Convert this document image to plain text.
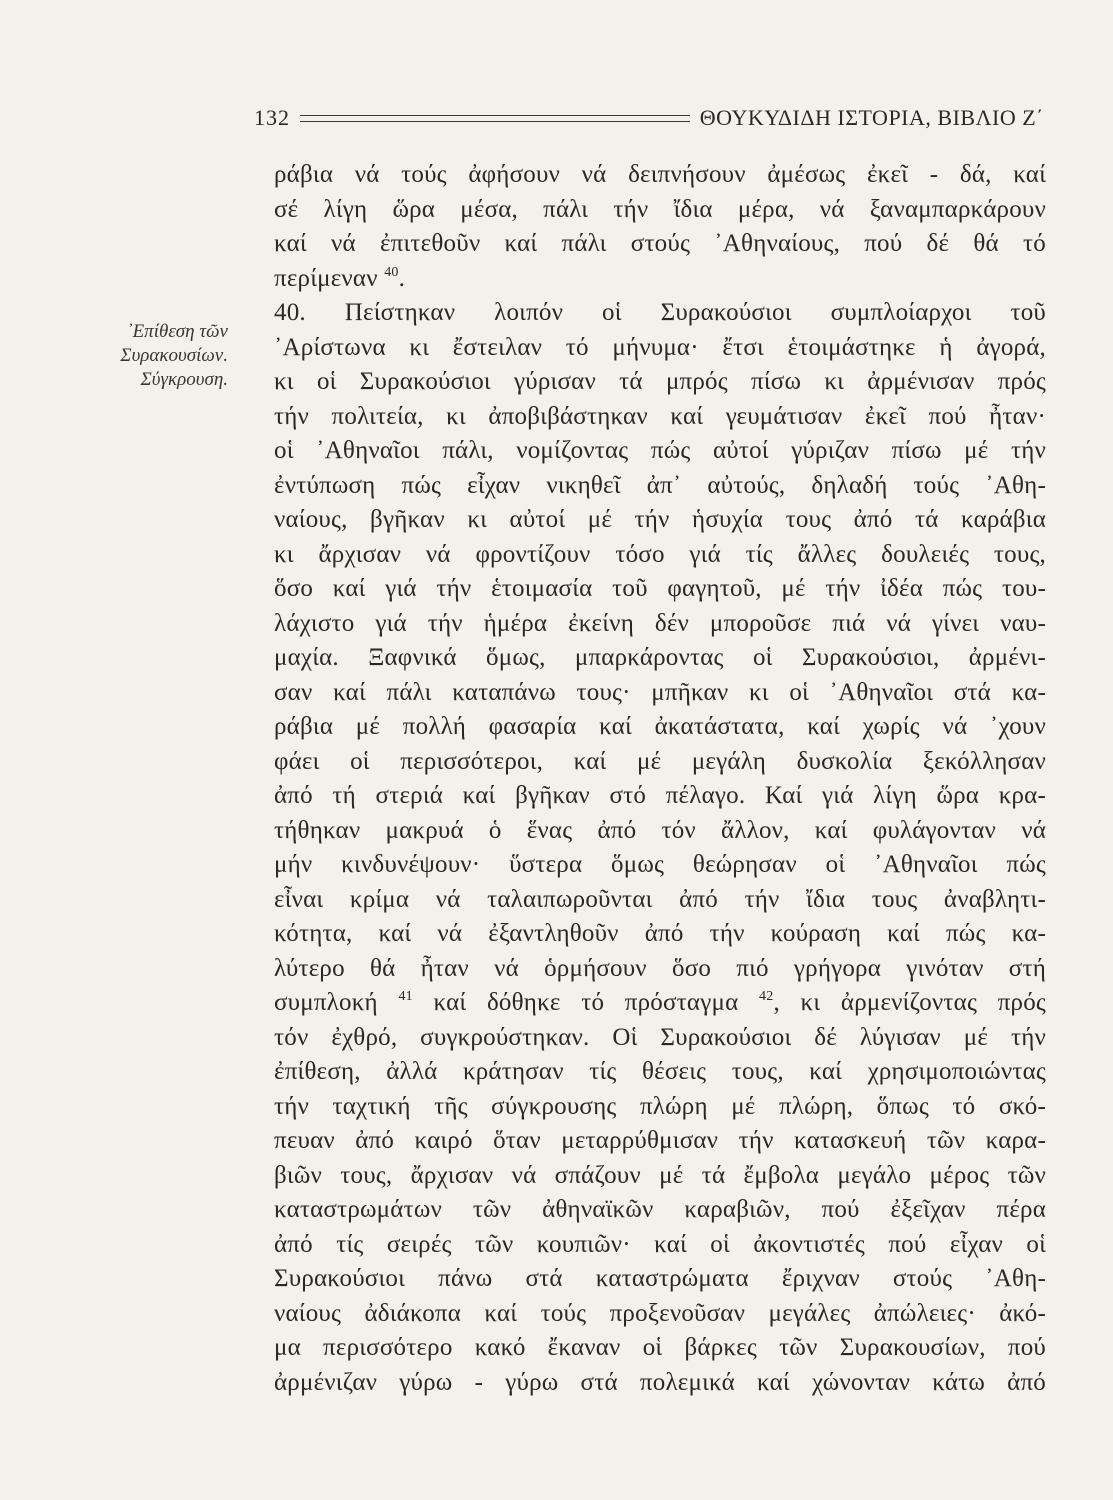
132	ΘΟΥΚΥΔΙΔΗ ΙΣΤΟΡΙΑ, ΒΙΒΛΙΟ Ζ΄
᾽Επίθεση τῶν
Συρακουσίων.
Σύγκρουση.
ράβια νά τούς ἀφήσουν νά δειπνήσουν ἀμέσως ἐκεῖ - δά, καί
σέ λίγη ὥρα μέσα, πάλι τήν ἴδια μέρα, νά ξαναμπαρκάρουν
καί νά ἐπιτεθοῦν καί πάλι στούς ᾽Αθηναίους, πού δέ θά τό
περίμεναν $^{40}$.
40. Πείστηκαν λοιπόν οἱ Συρακούσιοι συμπλοίαρχοι τοῦ
᾽Αρίστωνα κι ἔστειλαν τό μήνυμα· ἔτσι ἑτοιμάστηκε ἡ ἀγορά,
κι οἱ Συρακούσιοι γύρισαν τά μπρός πίσω κι ἀρμένισαν πρός
τήν πολιτεία, κι ἀποβιβάστηκαν καί γευμάτισαν ἐκεῖ πού ἦταν·
οἱ ᾽Αθηναῖοι πάλι, νομίζοντας πώς αὐτοί γύριζαν πίσω μέ τήν
ἐντύπωση πώς εἶχαν νικηθεῖ ἀπ᾽ αὐτούς, δηλαδή τούς ᾽Αθη-
ναίους, βγῆκαν κι αὐτοί μέ τήν ἡσυχία τους ἀπό τά καράβια
κι ἄρχισαν νά φροντίζουν τόσο γιά τίς ἄλλες δουλειές τους,
ὅσο καί γιά τήν ἑτοιμασία τοῦ φαγητοῦ, μέ τήν ἰδέα πώς του-
λάχιστο γιά τήν ἡμέρα ἐκείνη δέν μποροῦσε πιά νά γίνει ναυ-
μαχία. Ξαφνικά ὅμως, μπαρκάροντας οἱ Συρακούσιοι, ἀρμένι-
σαν καί πάλι καταπάνω τους· μπῆκαν κι οἱ ᾽Αθηναῖοι στά κα-
ράβια μέ πολλή φασαρία καί ἀκατάστατα, καί χωρίς νά ᾽χουν
φάει οἱ περισσότεροι, καί μέ μεγάλη δυσκολία ξεκόλλησαν
ἀπό τή στεριά καί βγῆκαν στό πέλαγο. Καί γιά λίγη ὥρα κρα-
τήθηκαν μακρυά ὁ ἕνας ἀπό τόν ἄλλον, καί φυλάγονταν νά
μήν κινδυνέψουν· ὕστερα ὅμως θεώρησαν οἱ ᾽Αθηναῖοι πώς
εἶναι κρίμα νά ταλαιπωροῦνται ἀπό τήν ἴδια τους ἀναβλητι-
κότητα, καί νά ἐξαντληθοῦν ἀπό τήν κούραση καί πώς κα-
λύτερο θά ἦταν νά ὁρμήσουν ὅσο πιό γρήγορα γινόταν στή
συμπλοκή $^{41}$ καί δόθηκε τό πρόσταγμα $^{42}$, κι ἀρμενίζοντας πρός
τόν ἐχθρό, συγκρούστηκαν. Οἱ Συρακούσιοι δέ λύγισαν μέ τήν
ἐπίθεση, ἀλλά κράτησαν τίς θέσεις τους, καί χρησιμοποιώντας
τήν ταχτική τῆς σύγκρουσης πλώρη μέ πλώρη, ὅπως τό σκό-
πευαν ἀπό καιρό ὅταν μεταρρύθμισαν τήν κατασκευή τῶν καρα-
βιῶν τους, ἄρχισαν νά σπάζουν μέ τά ἔμβολα μεγάλο μέρος τῶν
καταστρωμάτων τῶν ἀθηναϊκῶν καραβιῶν, πού ἐξεῖχαν πέρα
ἀπό τίς σειρές τῶν κουπιῶν· καί οἱ ἀκοντιστές πού εἶχαν οἱ
Συρακούσιοι πάνω στά καταστρώματα ἔριχναν στούς ᾽Αθη-
ναίους ἀδιάκοπα καί τούς προξενοῦσαν μεγάλες ἀπώλειες· ἀκό-
μα περισσότερο κακό ἔκαναν οἱ βάρκες τῶν Συρακουσίων, πού
ἀρμένιζαν γύρω - γύρω στά πολεμικά καί χώνονταν κάτω ἀπό
